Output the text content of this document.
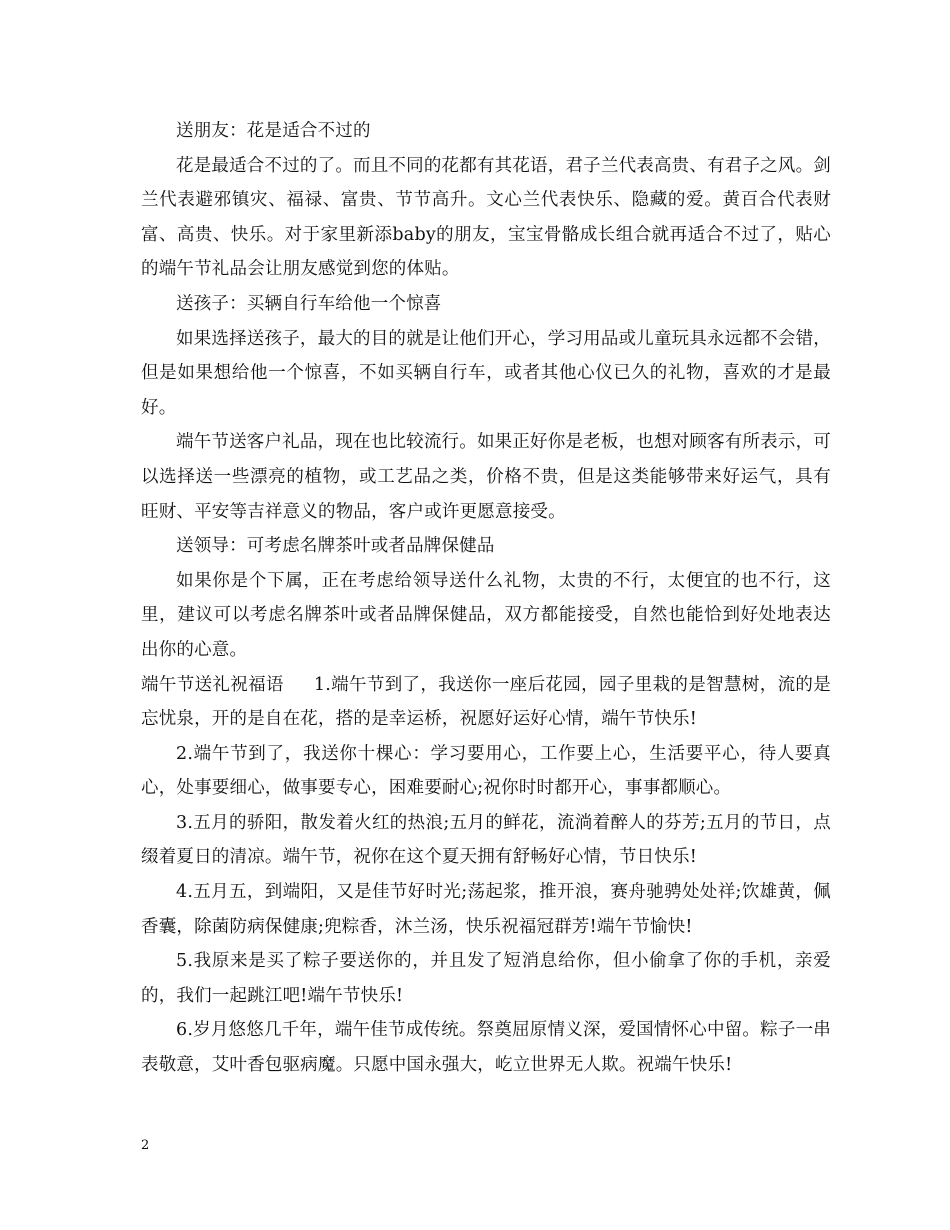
送朋友：花是适合不过的

花是最适合不过的了。而且不同的花都有其花语，君子兰代表高贵、有君子之风。剑兰代表避邪镇灾、福禄、富贵、节节高升。文心兰代表快乐、隐藏的爱。黄百合代表财富、高贵、快乐。对于家里新添baby的朋友，宝宝骨骼成长组合就再适合不过了，贴心的端午节礼品会让朋友感觉到您的体贴。

送孩子：买辆自行车给他一个惊喜

如果选择送孩子，最大的目的就是让他们开心，学习用品或儿童玩具永远都不会错，但是如果想给他一个惊喜，不如买辆自行车，或者其他心仪已久的礼物，喜欢的才是最好。

端午节送客户礼品，现在也比较流行。如果正好你是老板，也想对顾客有所表示，可以选择送一些漂亮的植物，或工艺品之类，价格不贵，但是这类能够带来好运气，具有旺财、平安等吉祥意义的物品，客户或许更愿意接受。

送领导：可考虑名牌茶叶或者品牌保健品

如果你是个下属，正在考虑给领导送什么礼物，太贵的不行，太便宜的也不行，这里，建议可以考虑名牌茶叶或者品牌保健品，双方都能接受，自然也能恰到好处地表达出你的心意。

端午节送礼祝福语 1.端午节到了，我送你一座后花园，园子里栽的是智慧树，流的是忘忧泉，开的是自在花，搭的是幸运桥，祝愿好运好心情，端午节快乐!

2.端午节到了，我送你十棵心：学习要用心，工作要上心，生活要平心，待人要真心，处事要细心，做事要专心，困难要耐心;祝你时时都开心，事事都顺心。

3.五月的骄阳，散发着火红的热浪;五月的鲜花，流淌着醉人的芬芳;五月的节日，点缀着夏日的清凉。端午节，祝你在这个夏天拥有舒畅好心情，节日快乐!

4.五月五，到端阳，又是佳节好时光;荡起浆，推开浪，赛舟驰骋处处祥;饮雄黄，佩香囊，除菌防病保健康;兜粽香，沐兰汤，快乐祝福冠群芳!端午节愉快!

5.我原来是买了粽子要送你的，并且发了短消息给你，但小偷拿了你的手机，亲爱的，我们一起跳江吧!端午节快乐!

6.岁月悠悠几千年，端午佳节成传统。祭奠屈原情义深，爱国情怀心中留。粽子一串表敬意，艾叶香包驱病魔。只愿中国永强大，屹立世界无人欺。祝端午快乐!

2
